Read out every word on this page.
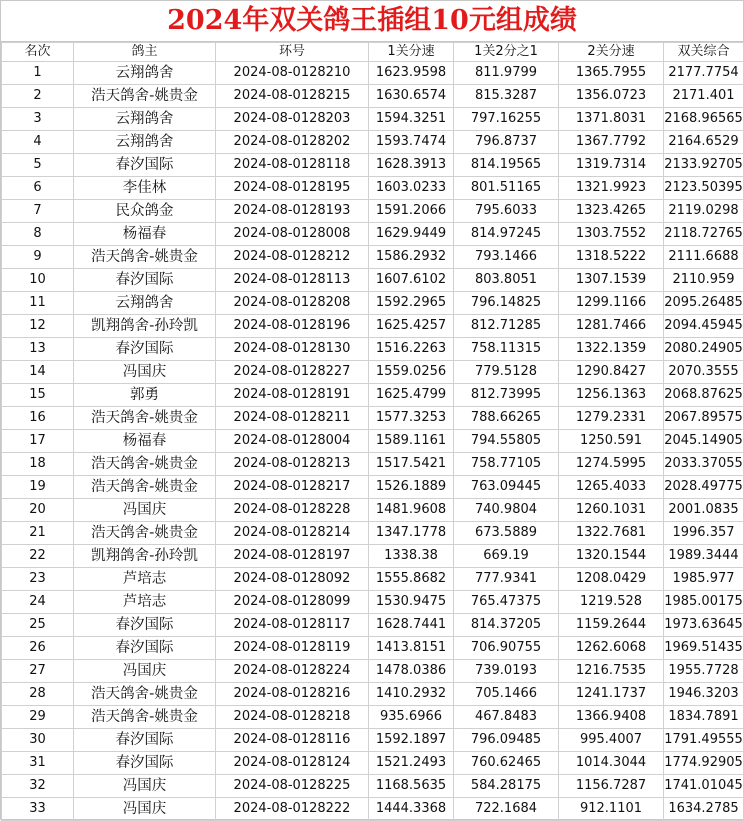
2024年双关鸽王插组10元组成绩
名次	鸽主	环号	1关分速	1关2分之1	2关分速	双关综合
1	云翔鸽舍	2024-08-0128210	1623.9598	811.9799	1365.7955	2177.7754
2	浩天鸽舍-姚贵金	2024-08-0128215	1630.6574	815.3287	1356.0723	2171.401
3	云翔鸽舍	2024-08-0128203	1594.3251	797.16255	1371.8031	2168.96565
4	云翔鸽舍	2024-08-0128202	1593.7474	796.8737	1367.7792	2164.6529
5	春汐国际	2024-08-0128118	1628.3913	814.19565	1319.7314	2133.92705
6	李佳林	2024-08-0128195	1603.0233	801.51165	1321.9923	2123.50395
7	民众鸽金	2024-08-0128193	1591.2066	795.6033	1323.4265	2119.0298
8	杨福春	2024-08-0128008	1629.9449	814.97245	1303.7552	2118.72765
9	浩天鸽舍-姚贵金	2024-08-0128212	1586.2932	793.1466	1318.5222	2111.6688
10	春汐国际	2024-08-0128113	1607.6102	803.8051	1307.1539	2110.959
11	云翔鸽舍	2024-08-0128208	1592.2965	796.14825	1299.1166	2095.26485
12	凯翔鸽舍-孙玲凯	2024-08-0128196	1625.4257	812.71285	1281.7466	2094.45945
13	春汐国际	2024-08-0128130	1516.2263	758.11315	1322.1359	2080.24905
14	冯国庆	2024-08-0128227	1559.0256	779.5128	1290.8427	2070.3555
15	郭勇	2024-08-0128191	1625.4799	812.73995	1256.1363	2068.87625
16	浩天鸽舍-姚贵金	2024-08-0128211	1577.3253	788.66265	1279.2331	2067.89575
17	杨福春	2024-08-0128004	1589.1161	794.55805	1250.591	2045.14905
18	浩天鸽舍-姚贵金	2024-08-0128213	1517.5421	758.77105	1274.5995	2033.37055
19	浩天鸽舍-姚贵金	2024-08-0128217	1526.1889	763.09445	1265.4033	2028.49775
20	冯国庆	2024-08-0128228	1481.9608	740.9804	1260.1031	2001.0835
21	浩天鸽舍-姚贵金	2024-08-0128214	1347.1778	673.5889	1322.7681	1996.357
22	凯翔鸽舍-孙玲凯	2024-08-0128197	1338.38	669.19	1320.1544	1989.3444
23	芦培志	2024-08-0128092	1555.8682	777.9341	1208.0429	1985.977
24	芦培志	2024-08-0128099	1530.9475	765.47375	1219.528	1985.00175
25	春汐国际	2024-08-0128117	1628.7441	814.37205	1159.2644	1973.63645
26	春汐国际	2024-08-0128119	1413.8151	706.90755	1262.6068	1969.51435
27	冯国庆	2024-08-0128224	1478.0386	739.0193	1216.7535	1955.7728
28	浩天鸽舍-姚贵金	2024-08-0128216	1410.2932	705.1466	1241.1737	1946.3203
29	浩天鸽舍-姚贵金	2024-08-0128218	935.6966	467.8483	1366.9408	1834.7891
30	春汐国际	2024-08-0128116	1592.1897	796.09485	995.4007	1791.49555
31	春汐国际	2024-08-0128124	1521.2493	760.62465	1014.3044	1774.92905
32	冯国庆	2024-08-0128225	1168.5635	584.28175	1156.7287	1741.01045
33	冯国庆	2024-08-0128222	1444.3368	722.1684	912.1101	1634.2785
